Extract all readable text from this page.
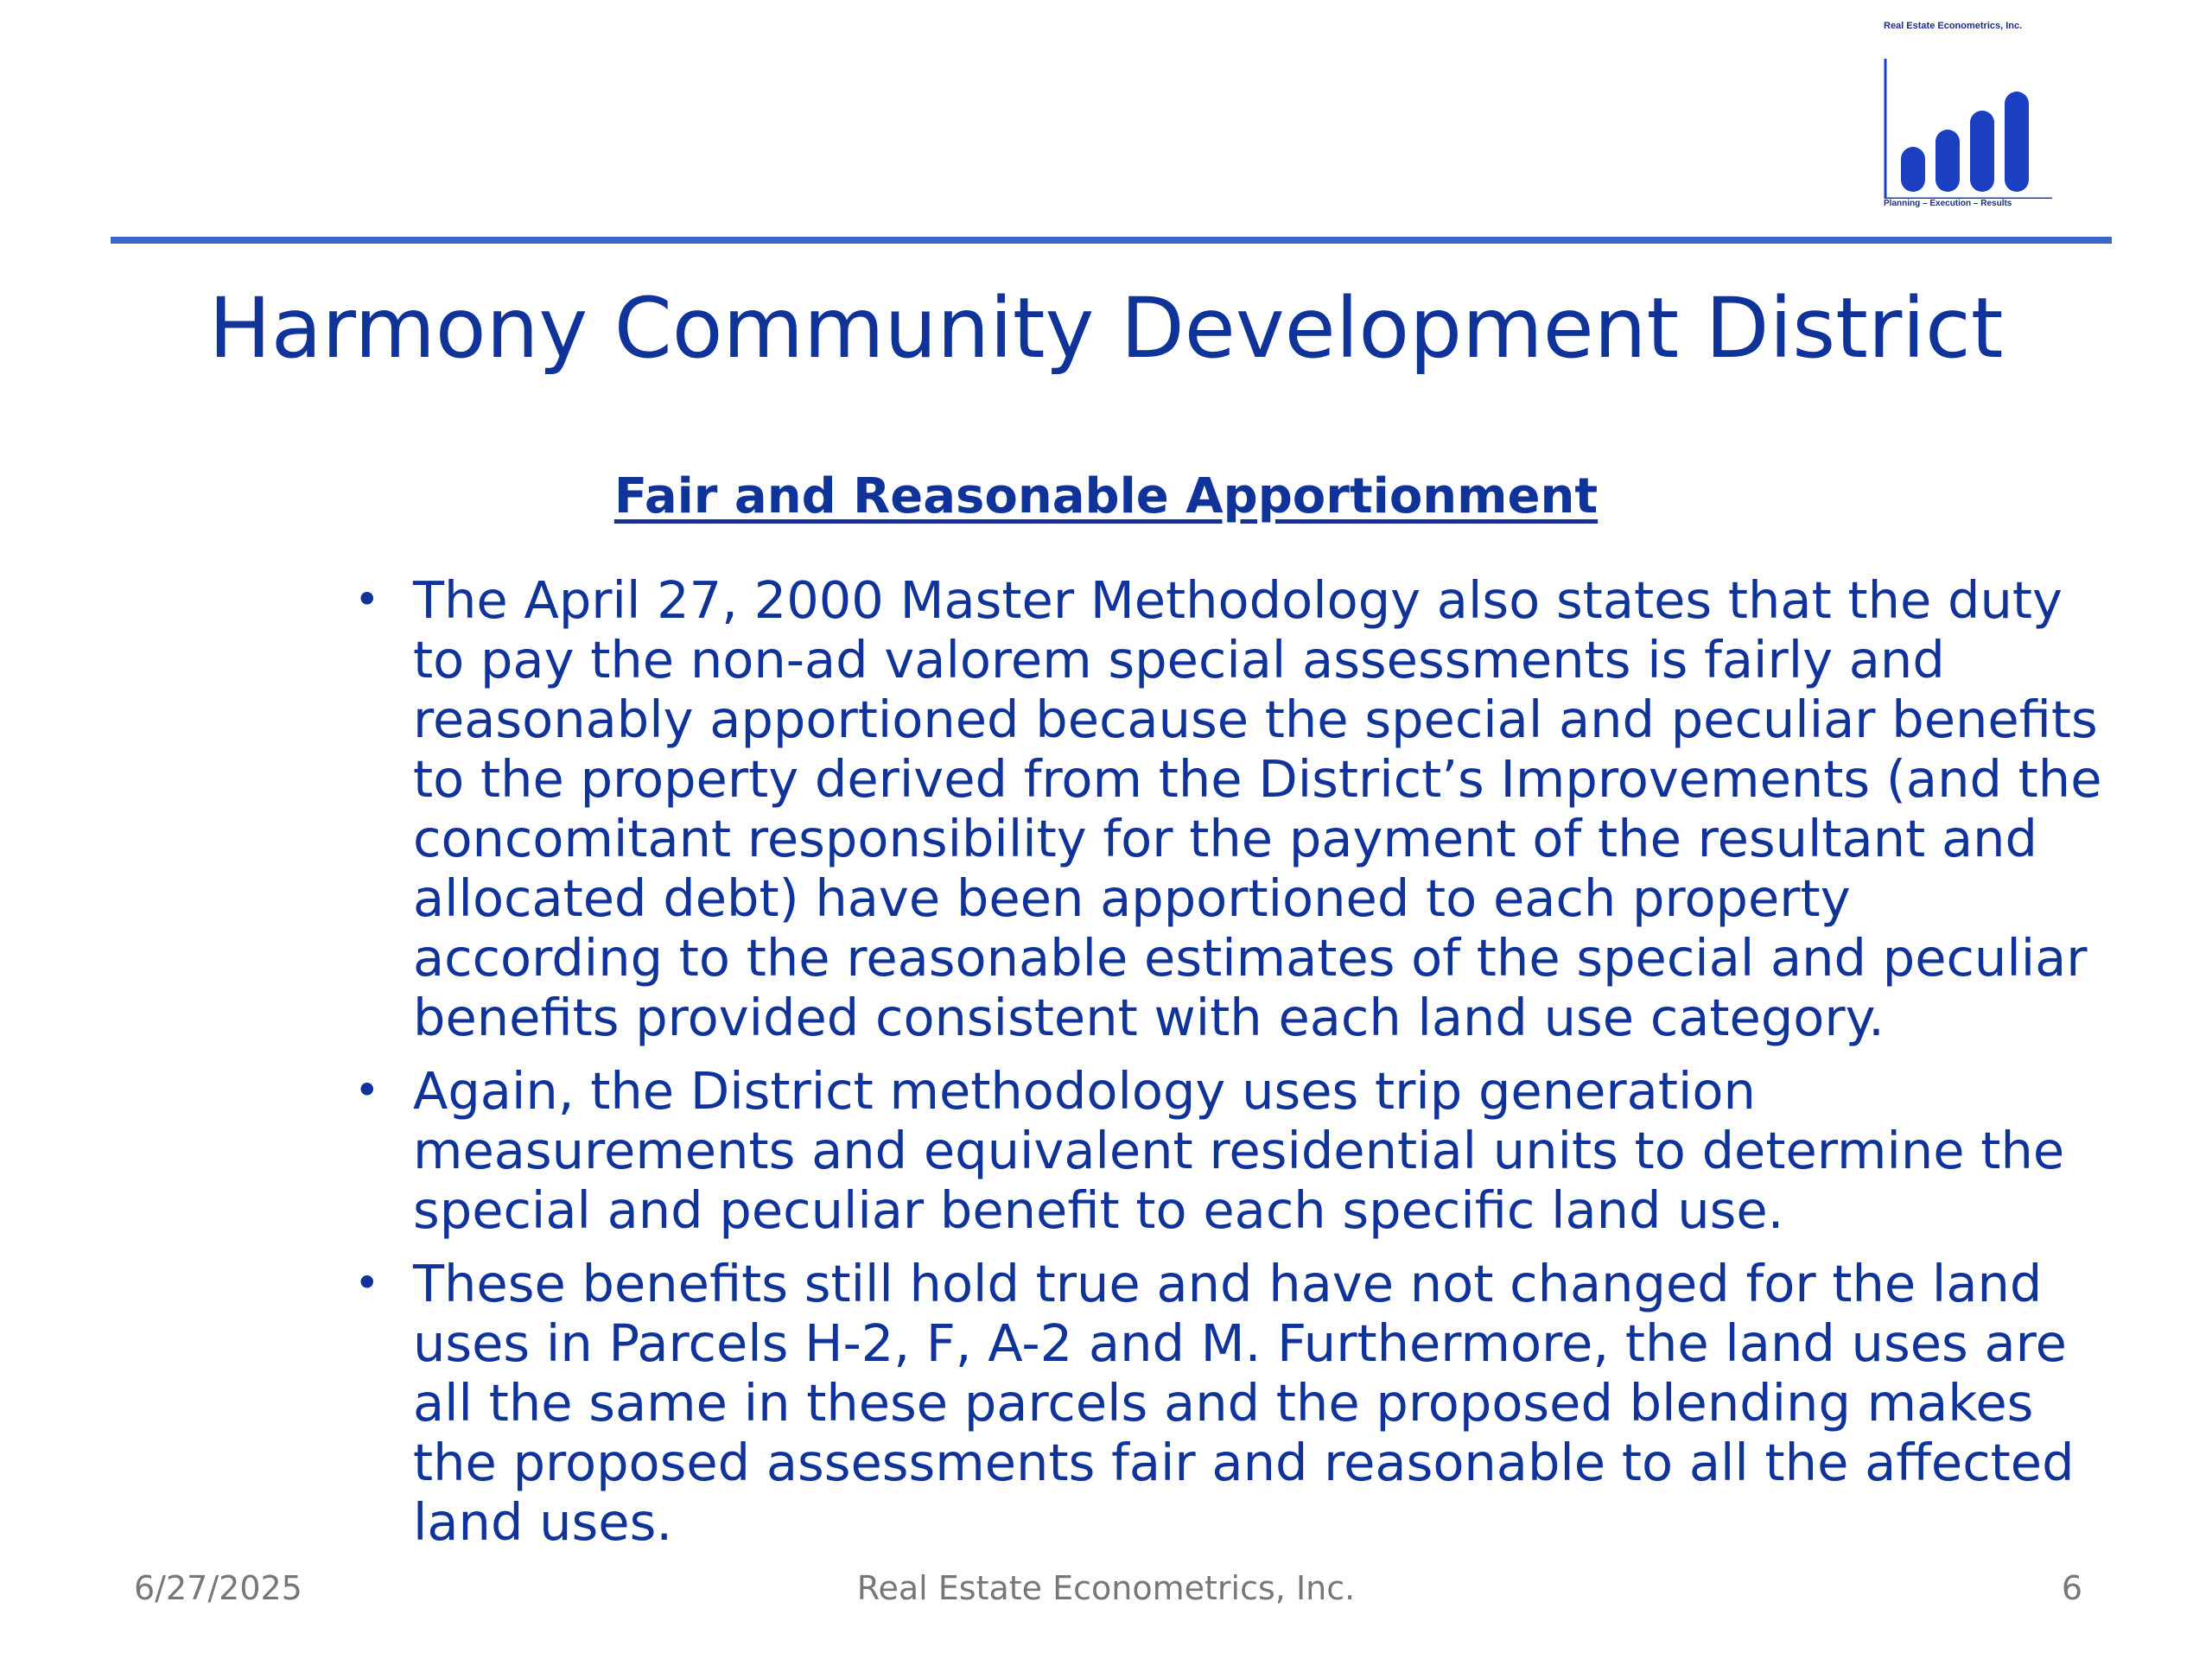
Real Estate Econometrics, Inc.
Planning – Execution – Results
Harmony Community Development District
Fair and Reasonable Apportionment
• The April 27, 2000 Master Methodology also states that the duty to pay the non-ad valorem special assessments is fairly and reasonably apportioned because the special and peculiar benefits to the property derived from the District’s Improvements (and the concomitant responsibility for the payment of the resultant and allocated debt) have been apportioned to each property according to the reasonable estimates of the special and peculiar benefits provided consistent with each land use category.
• Again, the District methodology uses trip generation measurements and equivalent residential units to determine the special and peculiar benefit to each specific land use.
• These benefits still hold true and have not changed for the land uses in Parcels H-2, F, A-2 and M. Furthermore, the land uses are all the same in these parcels and the proposed blending makes the proposed assessments fair and reasonable to all the affected land uses.
6/27/2025	Real Estate Econometrics, Inc.	6
